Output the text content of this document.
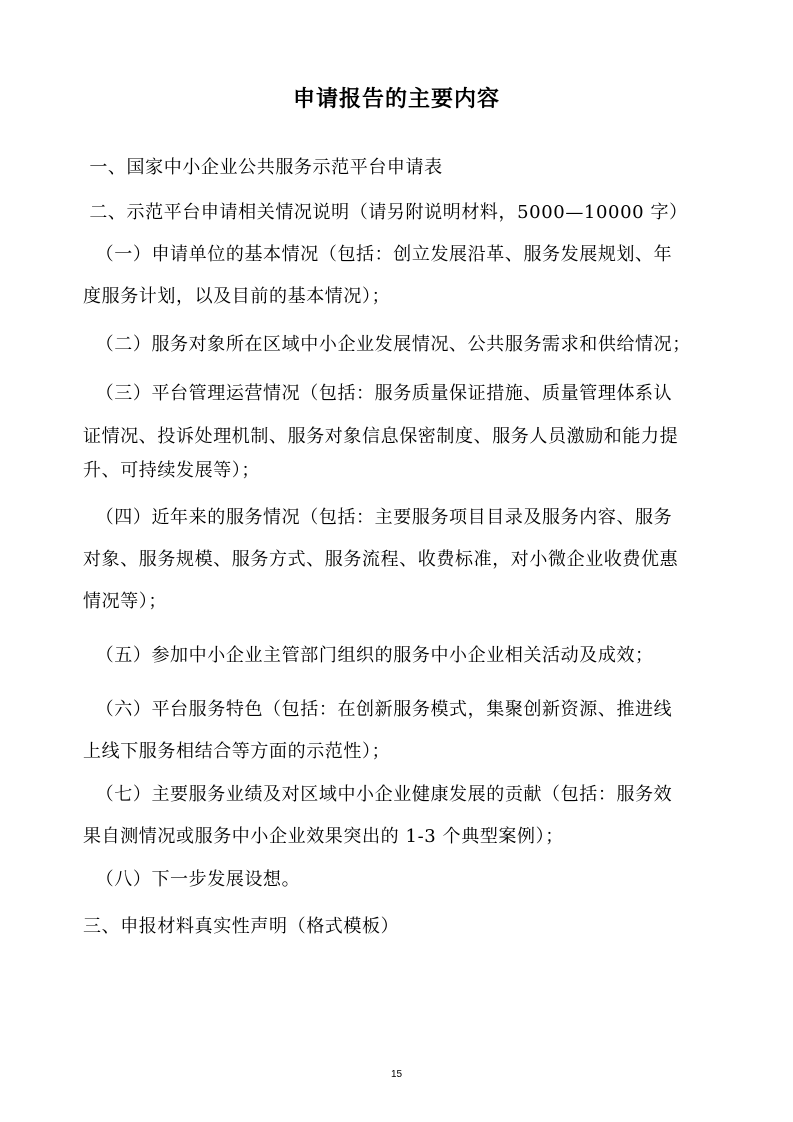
申请报告的主要内容
一、国家中小企业公共服务示范平台申请表
二、示范平台申请相关情况说明（请另附说明材料，5000—10000 字）
（一）申请单位的基本情况（包括：创立发展沿革、服务发展规划、年
度服务计划，以及目前的基本情况）；
（二）服务对象所在区域中小企业发展情况、公共服务需求和供给情况；
（三）平台管理运营情况（包括：服务质量保证措施、质量管理体系认
证情况、投诉处理机制、服务对象信息保密制度、服务人员激励和能力提
升、可持续发展等）；
（四）近年来的服务情况（包括：主要服务项目目录及服务内容、服务
对象、服务规模、服务方式、服务流程、收费标准，对小微企业收费优惠
情况等）；
（五）参加中小企业主管部门组织的服务中小企业相关活动及成效；
（六）平台服务特色（包括：在创新服务模式，集聚创新资源、推进线
上线下服务相结合等方面的示范性）；
（七）主要服务业绩及对区域中小企业健康发展的贡献（包括：服务效
果自测情况或服务中小企业效果突出的 1-3 个典型案例）；
（八）下一步发展设想。
三、申报材料真实性声明（格式模板）
15
